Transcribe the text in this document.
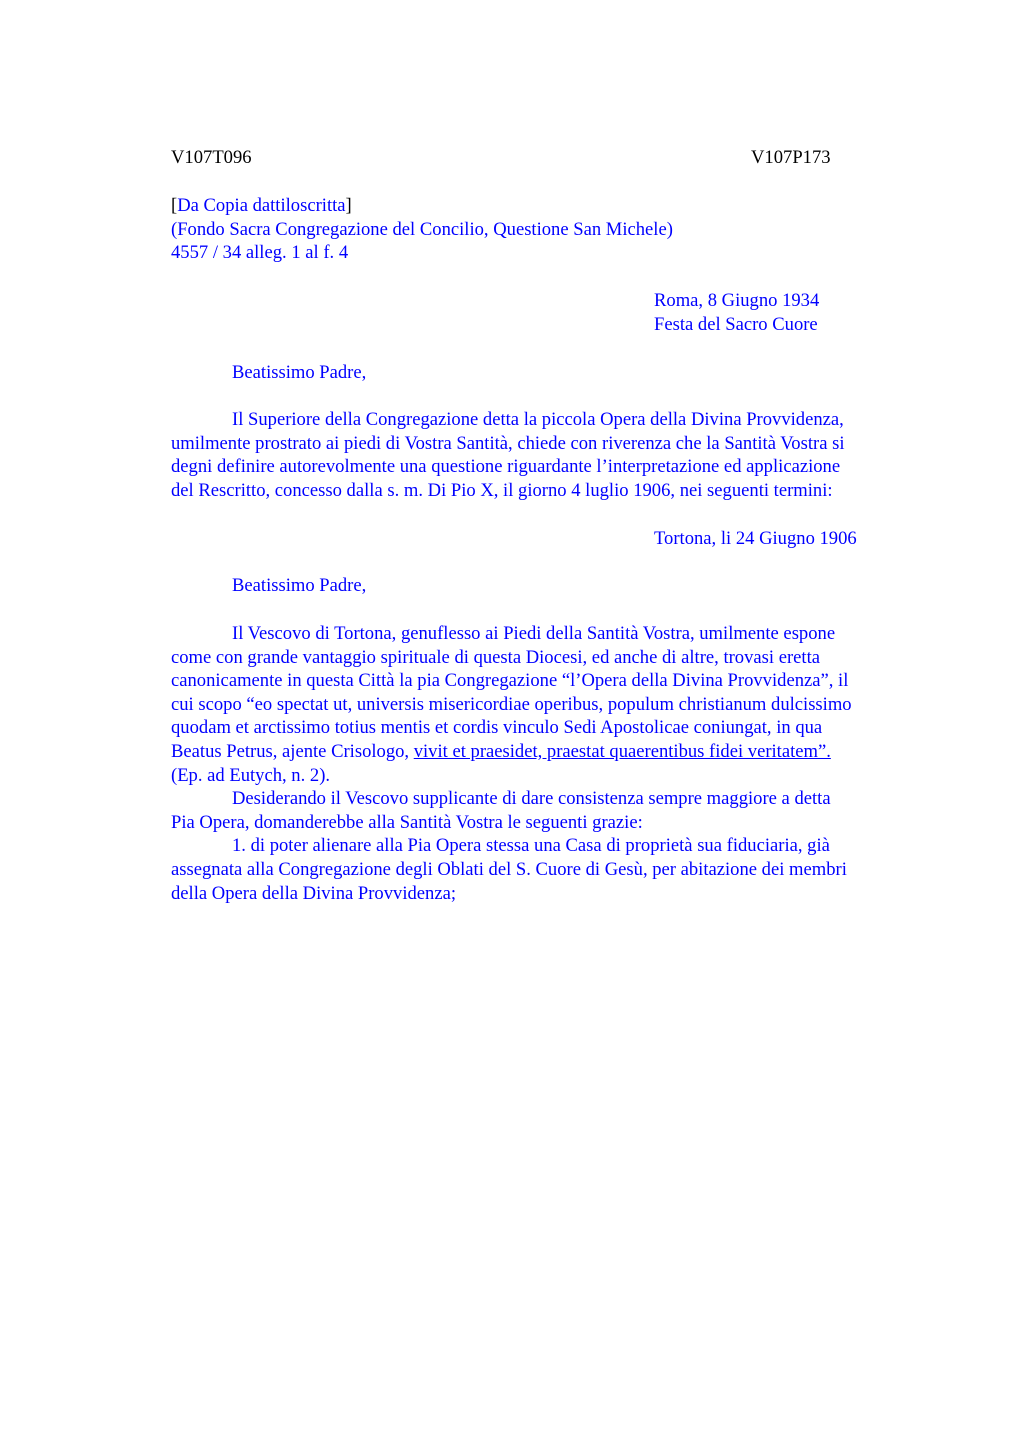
V107T096	V107P173
[Da Copia dattiloscritta]
(Fondo Sacra Congregazione del Concilio, Questione San Michele)
4557 / 34 alleg. 1 al f. 4
Roma, 8 Giugno 1934
Festa del Sacro Cuore
Beatissimo Padre,
Il Superiore della Congregazione detta la piccola Opera della Divina Provvidenza,
umilmente prostrato ai piedi di Vostra Santità, chiede con riverenza che la Santità Vostra si
degni definire autorevolmente una questione riguardante l’interpretazione ed applicazione
del Rescritto, concesso dalla s. m. Di Pio X, il giorno 4 luglio 1906, nei seguenti termini:
Tortona, li 24 Giugno 1906
Beatissimo Padre,
Il Vescovo di Tortona, genuflesso ai Piedi della Santità Vostra, umilmente espone
come con grande vantaggio spirituale di questa Diocesi, ed anche di altre, trovasi eretta
canonicamente in questa Città la pia Congregazione “l’Opera della Divina Provvidenza”, il
cui scopo “eo spectat ut, universis misericordiae operibus, populum christianum dulcissimo
quodam et arctissimo totius mentis et cordis vinculo Sedi Apostolicae coniungat, in qua
Beatus Petrus, ajente Crisologo, vivit et praesidet, praestat quaerentibus fidei veritatem”.
(Ep. ad Eutych, n. 2).
Desiderando il Vescovo supplicante di dare consistenza sempre maggiore a detta
Pia Opera, domanderebbe alla Santità Vostra le seguenti grazie:
1. di poter alienare alla Pia Opera stessa una Casa di proprietà sua fiduciaria, già
assegnata alla Congregazione degli Oblati del S. Cuore di Gesù, per abitazione dei membri
della Opera della Divina Provvidenza;
